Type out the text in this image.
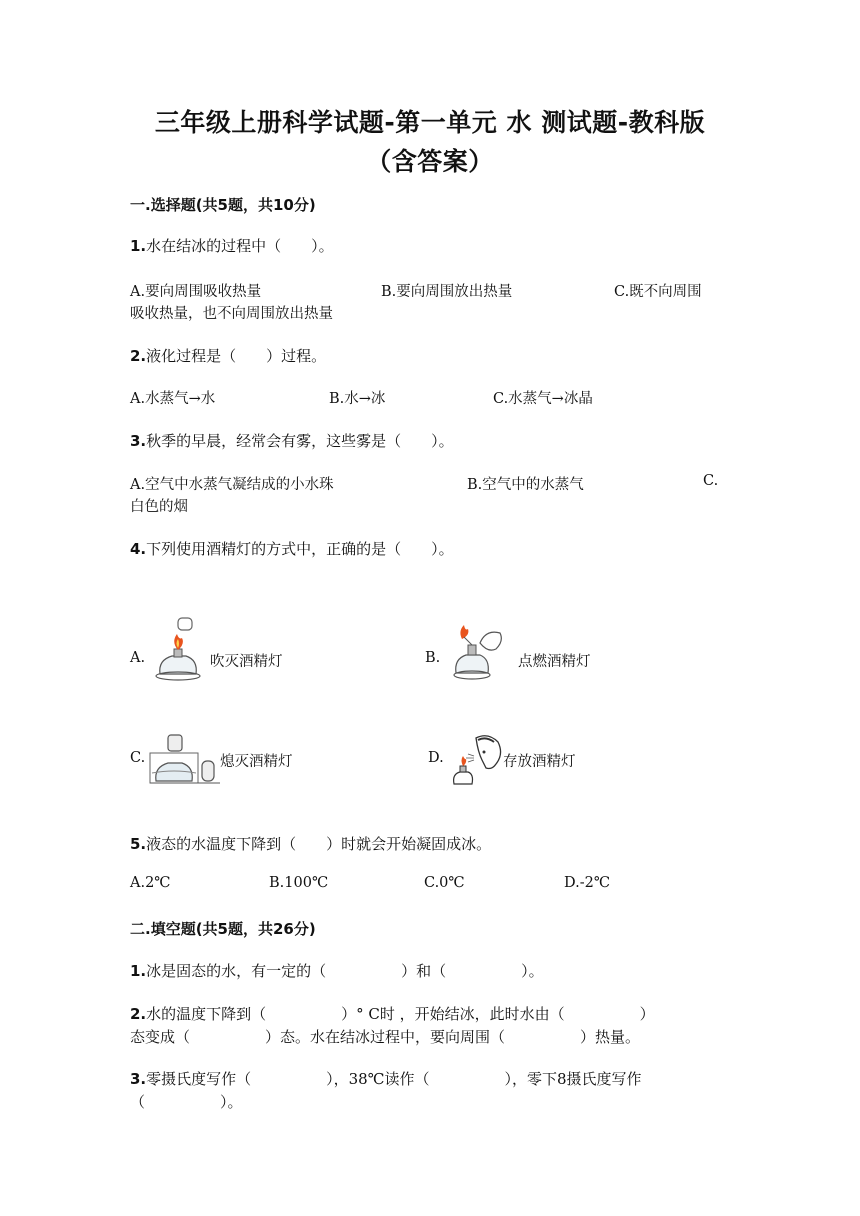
三年级上册科学试题-第一单元 水 测试题-教科版
（含答案）
一.选择题(共5题，共10分)
1.水在结冰的过程中（　　）。
A.要向周围吸收热量	B.要向周围放出热量	C.既不向周围
吸收热量，也不向周围放出热量
2.液化过程是（　　）过程。
A.水蒸气→水	B.水→冰	C.水蒸气→冰晶
3.秋季的早晨，经常会有雾，这些雾是（　　）。
A.空气中水蒸气凝结成的小水珠	B.空气中的水蒸气	C.
白色的烟
4.下列使用酒精灯的方式中，正确的是（　　）。
A.	吹灭酒精灯	B.	点燃酒精灯
C.	熄灭酒精灯	D.	存放酒精灯
5.液态的水温度下降到（　　）时就会开始凝固成冰。
A.2℃	B.100℃	C.0℃	D.-2℃
二.填空题(共5题，共26分)
1.冰是固态的水，有一定的（　　　　　）和（　　　　　）。
2.水的温度下降到（　　　　　）° C时 ，开始结冰，此时水由（　　　　　）
态变成（　　　　　）态。水在结冰过程中，要向周围（　　　　　）热量。
3.零摄氏度写作（　　　　　），38℃读作（　　　　　），零下8摄氏度写作
（　　　　　）。
